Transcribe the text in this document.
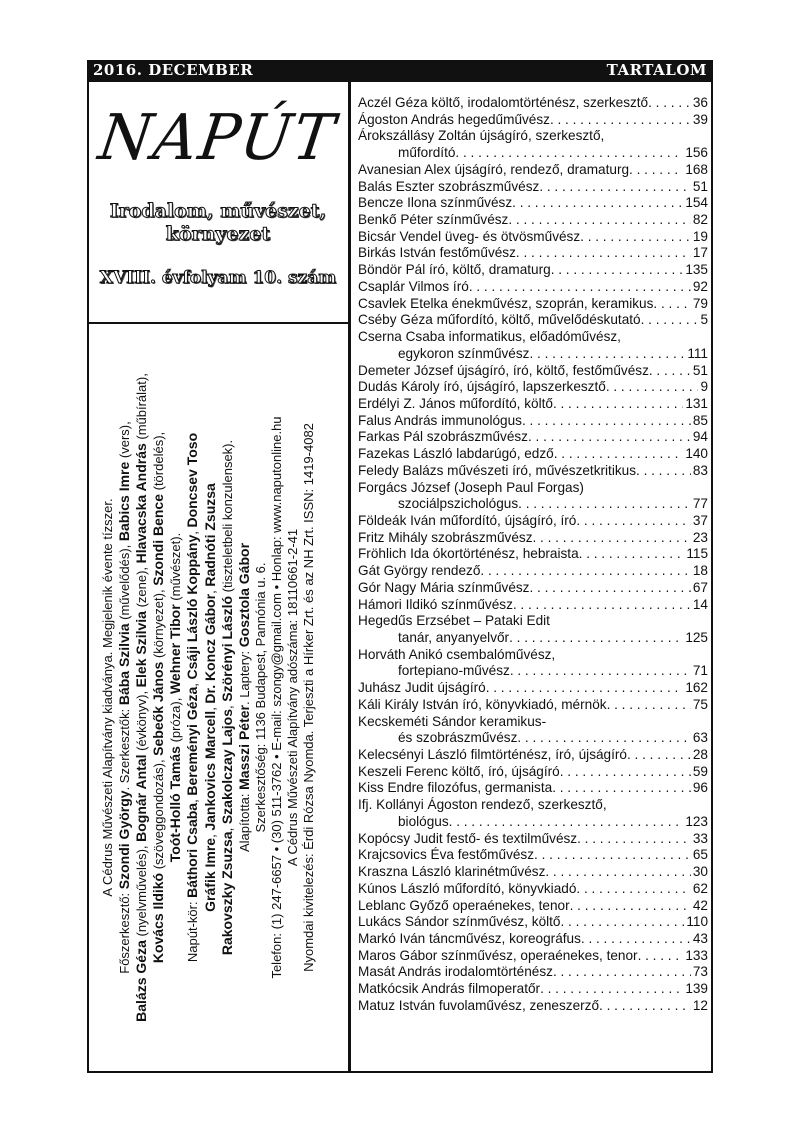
2016. DECEMBER	TARTALOM
NAPÚT
Irodalom, művészet,
környezet
XVIII. évfolyam 10. szám

A Cédrus Művészeti Alapítvány kiadványa. Megjelenik évente tízszer.

Főszerkesztő: Szondi György. Szerkesztők: Bába Szilvia (művelődés), Babics Imre (vers),

Balázs Géza (nyelvművelés), Bognár Antal (évkönyv), Elek Szilvia (zene), Hlavacska András (műbírálat),

Kovács Ildikó (szöveggondozás), Sebeők János (környezet), Szondi Bence (tördelés),

Toót-Holló Tamás (próza), Wehner Tibor (művészet).

Napút-kör: Báthori Csaba, Bereményi Géza, Csáji László Koppány, Doncsev Toso

Gráfik Imre, Jankovics Marcell, Dr. Koncz Gábor, Radnóti Zsuzsa

Rakovszky Zsuzsa, Szakolczay Lajos, Szörényi László (tiszteletbeli konzulensek).

Alapította: Masszi Péter. Laptery: Gosztola Gábor Szerkesztőség: 1136 Budapest, Pannónia u. 6. Telefon: (1) 247-6657 • (30) 511-3762 • E-mail: szongy@gmail.com • Honlap: www.naputonline.hu A Cédrus Művészeti Alapítvány adószáma: 18110661-2-41 Nyomdai kivitelezés: Érdi Rózsa Nyomda. Terjeszti a Hírker Zrt. és az NH Zrt. ISSN: 1419-4082

Aczél Géza költő, irodalomtörténész, szerkesztő . . .	36
Ágoston András hegedűművész . . .	39
Árokszállásy Zoltán újságíró, szerkesztő,
műfordító . . .	156
Avanesian Alex újságíró, rendező, dramaturg . . .	168
Balás Eszter szobrászművész . . .	51
Bencze Ilona színművész . . .	154
Benkő Péter színművész . . .	82
Bicsár Vendel üveg- és ötvösművész . . .	19
Birkás István festőművész . . .	17
Böndör Pál író, költő, dramaturg . . .	135
Csaplár Vilmos író . . .	92
Csavlek Etelka énekművész, szoprán, keramikus . . .	79
Cséby Géza műfordító, költő, művelődéskutató . . .	5
Cserna Csaba informatikus, előadóművész,
egykoron színművész . . .	111
Demeter József újságíró, író, költő, festőművész . . .	51
Dudás Károly író, újságíró, lapszerkesztő . . .	9
Erdélyi Z. János műfordító, költő . . .	131
Falus András immunológus . . .	85
Farkas Pál szobrászművész . . .	94
Fazekas László labdarúgó, edző . . .	140
Feledy Balázs művészeti író, művészetkritikus . . .	83
Forgács József (Joseph Paul Forgas)
szociálpszichológus . . .	77
Földeák Iván műfordító, újságíró, író . . .	37
Fritz Mihály szobrászművész . . .	23
Fröhlich Ida ókortörténész, hebraista . . .	115
Gát György rendező . . .	18
Gór Nagy Mária színművész . . .	67
Hámori Ildikó színművész . . .	14
Hegedűs Erzsébet – Pataki Edit
tanár, anyanyelvőr . . .	125
Horváth Anikó csembalóművész,
fortepiano-művész . . .	71
Juhász Judit újságíró . . .	162
Káli Király István író, könyvkiadó, mérnök . . .	75
Kecskeméti Sándor keramikus-
és szobrászművész . . .	63
Kelecsényi László filmtörténész, író, újságíró . . .	28
Keszeli Ferenc költő, író, újságíró . . .	59
Kiss Endre filozófus, germanista . . .	96
Ifj. Kollányi Ágoston rendező, szerkesztő,
biológus . . .	123
Kopócsy Judit festő- és textilművész . . .	33
Krajcsovics Éva festőművész . . .	65
Kraszna László klarinétművész . . .	30
Kúnos László műfordító, könyvkiadó . . .	62
Leblanc Győző operaénekes, tenor . . .	42
Lukács Sándor színművész, költő . . .	110
Markó Iván táncművész, koreográfus . . .	43
Maros Gábor színművész, operaénekes, tenor . . .	133
Masát András irodalomtörténész . . .	73
Matkócsik András filmoperatőr . . .	139
Matuz István fuvolaművész, zeneszerző . . .	12
